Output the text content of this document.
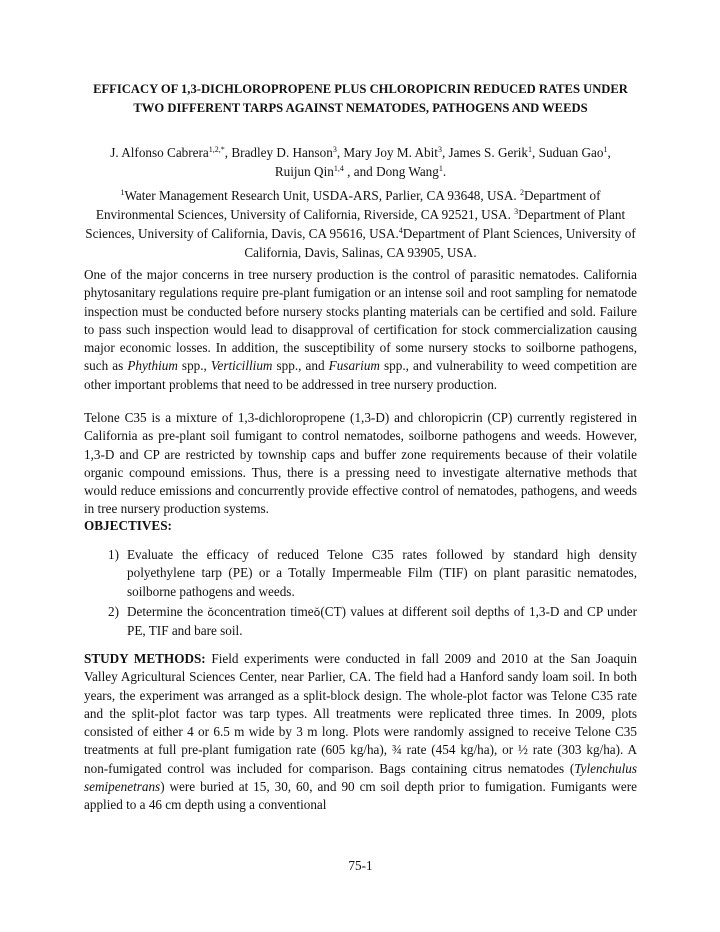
EFFICACY OF 1,3-DICHLOROPROPENE PLUS CHLOROPICRIN REDUCED RATES UNDER TWO DIFFERENT TARPS AGAINST NEMATODES, PATHOGENS AND WEEDS
J. Alfonso Cabrera$^{1,2,*}$, Bradley D. Hanson$^3$, Mary Joy M. Abit$^3$, James S. Gerik$^1$, Suduan Gao$^1$,
Ruijun Qin$^{1,4}$ , and Dong Wang$^1$.
$^1$Water Management Research Unit, USDA-ARS, Parlier, CA 93648, USA. $^2$Department of Environmental Sciences, University of California, Riverside, CA 92521, USA. $^3$Department of Plant Sciences, University of California, Davis, CA 95616, USA.$^4$Department of Plant Sciences, University of California, Davis, Salinas, CA 93905, USA.

One of the major concerns in tree nursery production is the control of parasitic nematodes. California phytosanitary regulations require pre-plant fumigation or an intense soil and root sampling for nematode inspection must be conducted before nursery stocks planting materials can be certified and sold. Failure to pass such inspection would lead to disapproval of certification for stock commercialization causing major economic losses. In addition, the susceptibility of some nursery stocks to soilborne pathogens, such as Phythium spp., Verticillium spp., and Fusarium spp., and vulnerability to weed competition are other important problems that need to be addressed in tree nursery production.

Telone C35 is a mixture of 1,3-dichloropropene (1,3-D) and chloropicrin (CP) currently registered in California as pre-plant soil fumigant to control nematodes, soilborne pathogens and weeds. However, 1,3-D and CP are restricted by township caps and buffer zone requirements because of their volatile organic compound emissions. Thus, there is a pressing need to investigate alternative methods that would reduce emissions and concurrently provide effective control of nematodes, pathogens, and weeds in tree nursery production systems.

OBJECTIVES:
1) Evaluate the efficacy of reduced Telone C35 rates followed by standard high density polyethylene tarp (PE) or a Totally Impermeable Film (TIF) on plant parasitic nematodes, soilborne pathogens and weeds.
2) Determine the ŏconcentration timeŏ(CT) values at different soil depths of 1,3-D and CP under PE, TIF and bare soil.

STUDY METHODS: Field experiments were conducted in fall 2009 and 2010 at the San Joaquin Valley Agricultural Sciences Center, near Parlier, CA. The field had a Hanford sandy loam soil. In both years, the experiment was arranged as a split-block design. The whole-plot factor was Telone C35 rate and the split-plot factor was tarp types. All treatments were replicated three times. In 2009, plots consisted of either 4 or 6.5 m wide by 3 m long. Plots were randomly assigned to receive Telone C35 treatments at full pre-plant fumigation rate (605 kg/ha), ¾ rate (454 kg/ha), or ½ rate (303 kg/ha). A non-fumigated control was included for comparison. Bags containing citrus nematodes (Tylenchulus semipenetrans) were buried at 15, 30, 60, and 90 cm soil depth prior to fumigation. Fumigants were applied to a 46 cm depth using a conventional

75-1
